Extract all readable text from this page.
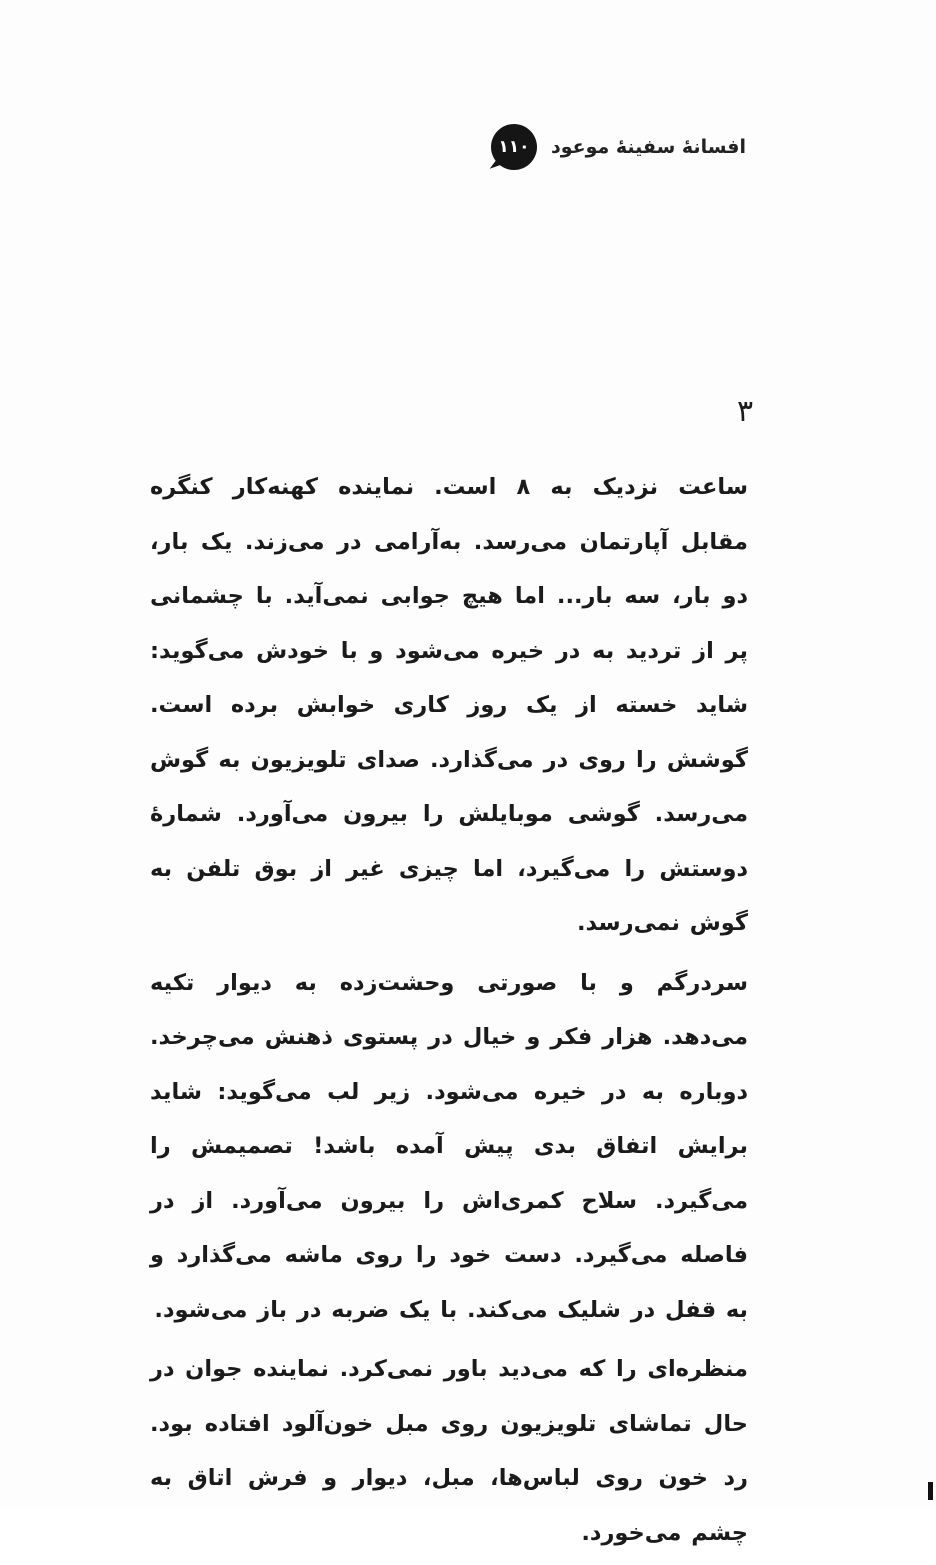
۱۱۰ افسانهٔ سفینهٔ موعود
۳

ساعت نزدیک به ۸ است. نماینده کهنه‌کار کنگره مقابل آپارتمان می‌رسد. به‌آرامی در می‌زند. یک بار، دو بار، سه بار... اما هیچ جوابی نمی‌آید. با چشمانی پر از تردید به در خیره می‌شود و با خودش می‌گوید: شاید خسته از یک روز کاری خوابش برده است. گوشش را روی در می‌گذارد. صدای تلویزیون به گوش می‌رسد. گوشی موبایلش را بیرون می‌آورد. شمارهٔ دوستش را می‌گیرد، اما چیزی غیر از بوق تلفن به گوش نمی‌رسد.

سردرگم و با صورتی وحشت‌زده به دیوار تکیه می‌دهد. هزار فکر و خیال در پستوی ذهنش می‌چرخد. دوباره به در خیره می‌شود. زیر لب می‌گوید: شاید برایش اتفاق بدی پیش آمده باشد! تصمیمش را می‌گیرد. سلاح کمری‌اش را بیرون می‌آورد. از در فاصله می‌گیرد. دست خود را روی ماشه می‌گذارد و به قفل در شلیک می‌کند. با یک ضربه در باز می‌شود.

منظره‌ای را که می‌دید باور نمی‌کرد. نماینده جوان در حال تماشای تلویزیون روی مبل خون‌آلود افتاده بود. رد خون روی لباس‌ها، مبل، دیوار و فرش اتاق به چشم می‌خورد.
